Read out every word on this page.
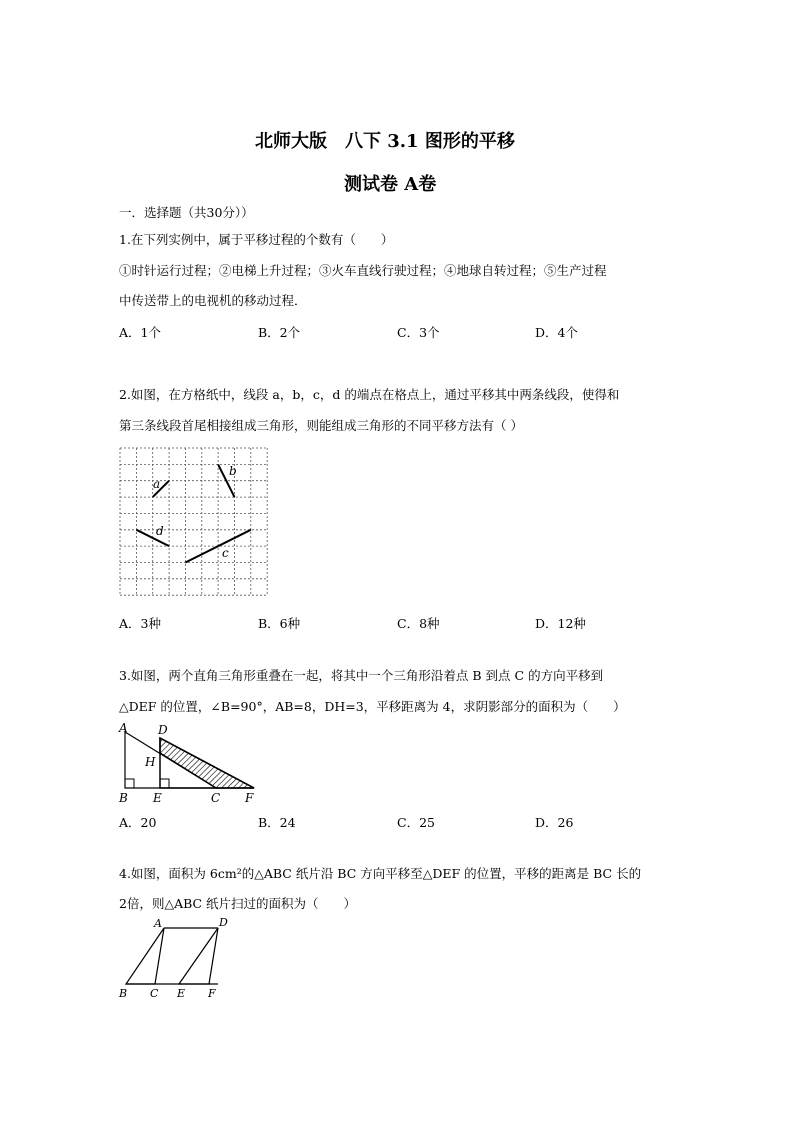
北师大版　八下 3.1 图形的平移
测试卷 A卷
一．选择题（共30分））
1.在下列实例中，属于平移过程的个数有（　　）
①时针运行过程；②电梯上升过程；③火车直线行驶过程；④地球自转过程；⑤生产过程
中传送带上的电视机的移动过程．
A．1个	B．2个	C．3个	D．4个
2.如图，在方格纸中，线段 a，b，c，d 的端点在格点上，通过平移其中两条线段，使得和
第三条线段首尾相接组成三角形，则能组成三角形的不同平移方法有（ ）
a
b
d
c
A．3种	B．6种	C．8种	D．12种
3.如图，两个直角三角形重叠在一起，将其中一个三角形沿着点 B 到点 C 的方向平移到
△DEF 的位置，∠B=90°，AB=8，DH=3，平移距离为 4，求阴影部分的面积为（　　）
A	D
H
B E	C F
A．20	B．24	C．25	D．26
4.如图，面积为 6cm²的△ABC 纸片沿 BC 方向平移至△DEF 的位置，平移的距离是 BC 长的
2倍，则△ABC 纸片扫过的面积为（　　）
A	D
B C E F
